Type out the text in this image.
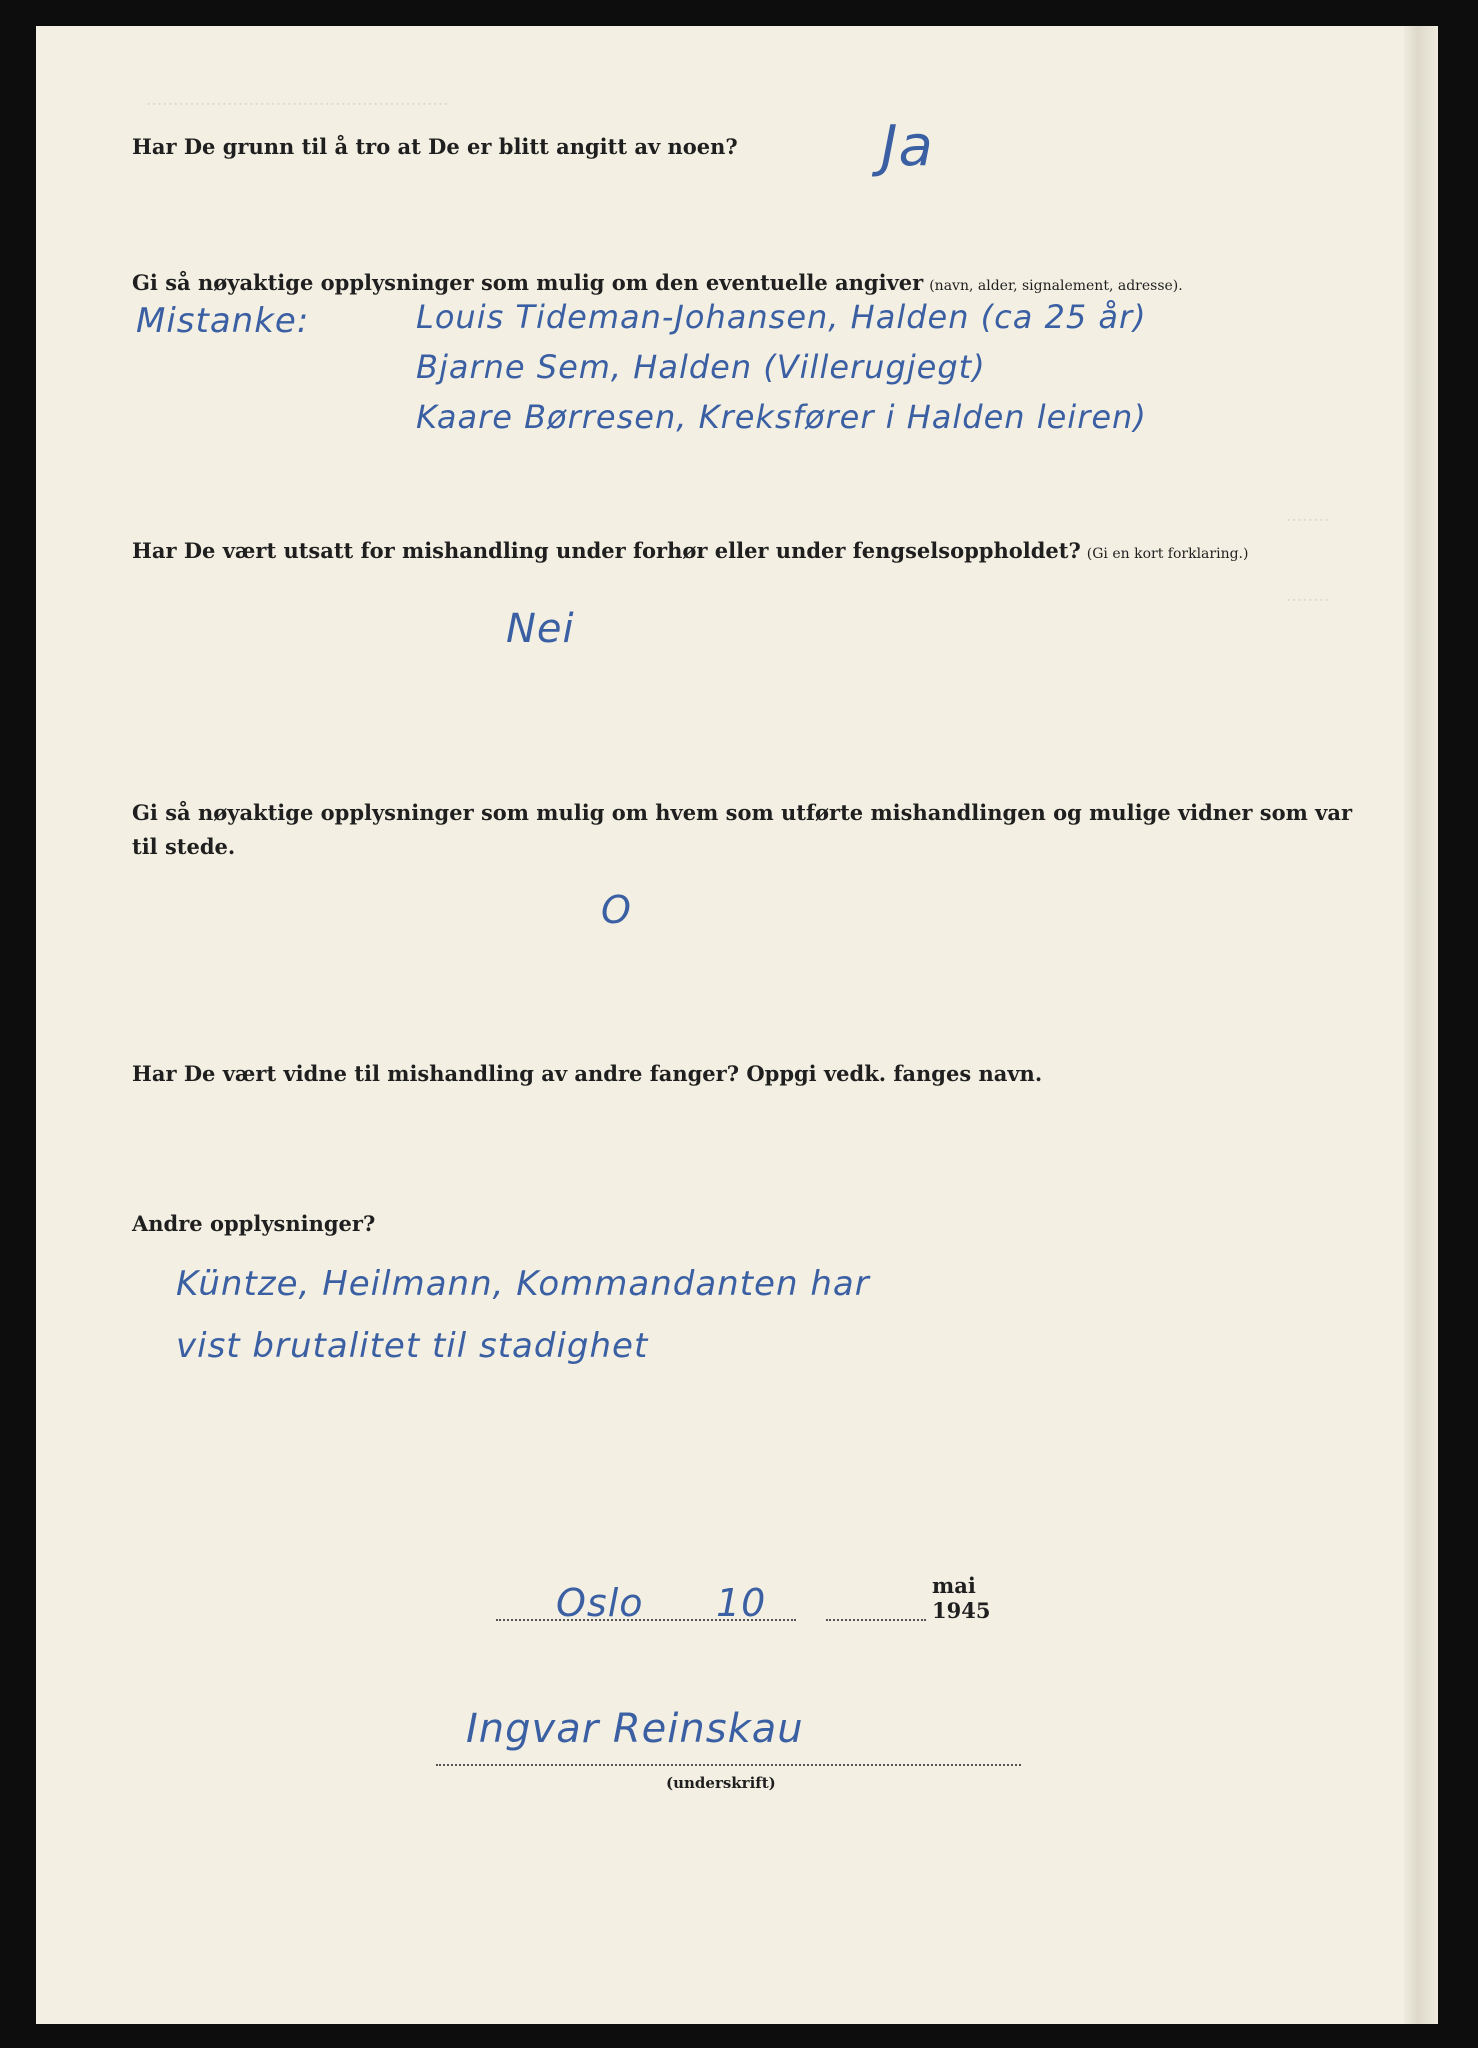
........................................................
........
........
Har De grunn til å tro at De er blitt angitt av noen?	Ja
Gi så nøyaktige opplysninger som mulig om den eventuelle angiver (navn, alder, signalement, adresse).
Mistanke:	Louis Tideman-Johansen, Halden (ca 25 år)
Bjarne Sem, Halden (Villerugjegt)
Kaare Børresen, Kreksfører i Halden leiren)
Har De vært utsatt for mishandling under forhør eller under fengselsoppholdet? (Gi en kort forklaring.)
Nei
Gi så nøyaktige opplysninger som mulig om hvem som utførte mishandlingen og mulige vidner som var til stede.
O
Har De vært vidne til mishandling av andre fanger? Oppgi vedk. fanges navn.
Andre opplysninger?
Küntze, Heilmann, Kommandanten har
vist brutalitet til stadighet
Oslo 10	mai 1945
Ingvar Reinskau
(underskrift)
